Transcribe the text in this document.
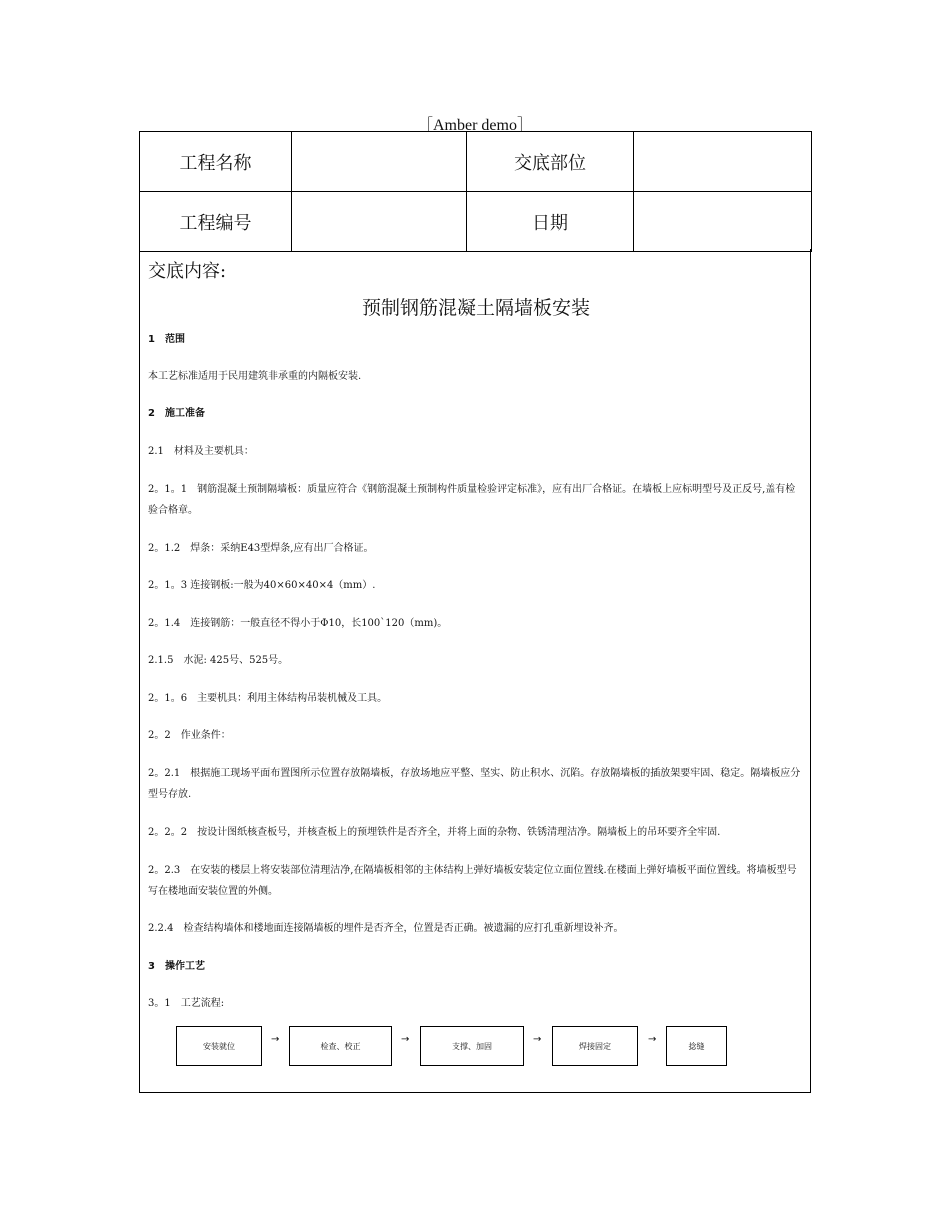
［Amber demo］
工程名称		交底部位	
工程编号		日期	
交底内容:
预制钢筋混凝土隔墙板安装
1　范围
本工艺标准适用于民用建筑非承重的内隔板安装.
2　施工准备
2.1　材料及主要机具：
2。1。1　钢筋混凝土预制隔墙板：质量应符合《钢筋混凝土预制构件质量检验评定标准》，应有出厂合格证。在墙板上应标明型号及正反号,盖有检验合格章。
2。1.2　焊条：采纳E43型焊条,应有出厂合格证。
2。1。3 连接钢板:一般为40×60×40×4（mm）.
2。1.4　连接钢筋：一般直径不得小于Φ10，长100`120（mm)。
2.1.5　水泥: 425号、525号。
2。1。6　主要机具：利用主体结构吊装机械及工具。
2。2　作业条件：
2。2.1　根据施工现场平面布置图所示位置存放隔墙板，存放场地应平整、坚实、防止积水、沉陷。存放隔墙板的插放架要牢固、稳定。隔墙板应分型号存放.
2。2。2　按设计图纸核查板号，并核查板上的预埋铁件是否齐全，并将上面的杂物、铁锈清理洁净。隔墙板上的吊环要齐全牢固.
2。2.3　在安装的楼层上将安装部位清理洁净,在隔墙板相邻的主体结构上弹好墙板安装定位立面位置线.在楼面上弹好墙板平面位置线。将墙板型号写在楼地面安装位置的外侧。
2.2.4　检查结构墙体和楼地面连接隔墙板的埋件是否齐全，位置是否正确。被遗漏的应打孔重新埋设补齐。
3　操作工艺
3。1　工艺流程:
安装就位
→
检查、校正
→
支撑、加固
→
焊接固定
→
捻缝
